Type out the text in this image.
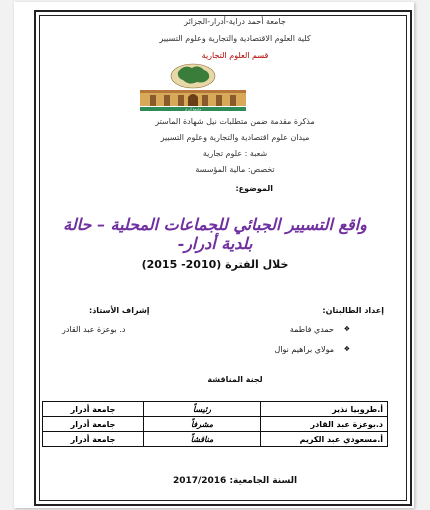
جامعة أحمد دراية-أدرار-الجزائر
كلية العلوم الاقتصادية والتجارية وعلوم التسيير
قسم العلوم التجارية
جامعة أدرار
مذكرة مقدمة ضمن متطلبات نيل شهادة الماستر
ميدان علوم اقتصادية والتجارية وعلوم التسيير
شعبة : علوم تجارية
تخصص: مالية المؤسسة
الموضوع:
واقع التسيير الجبائي للجماعات المحلية – حالة بلدية أدرار-
خلال الفترة (2010- 2015)
إعداد الطالبتان:
❖
حمدي فاطمة
❖
مولاي براهيم نوال
إشراف الأستاذ:
د. بوعزة عبد القادر
لجنة المناقشة
أ.طروبيا نذير	رئيساً	جامعة أدرار
د.بوعزة عبد القادر	مشرفاً	جامعة أدرار
أ.مسعودي عبد الكريم	مناقشاً	جامعة أدرار
السنة الجامعية: 2017/2016
